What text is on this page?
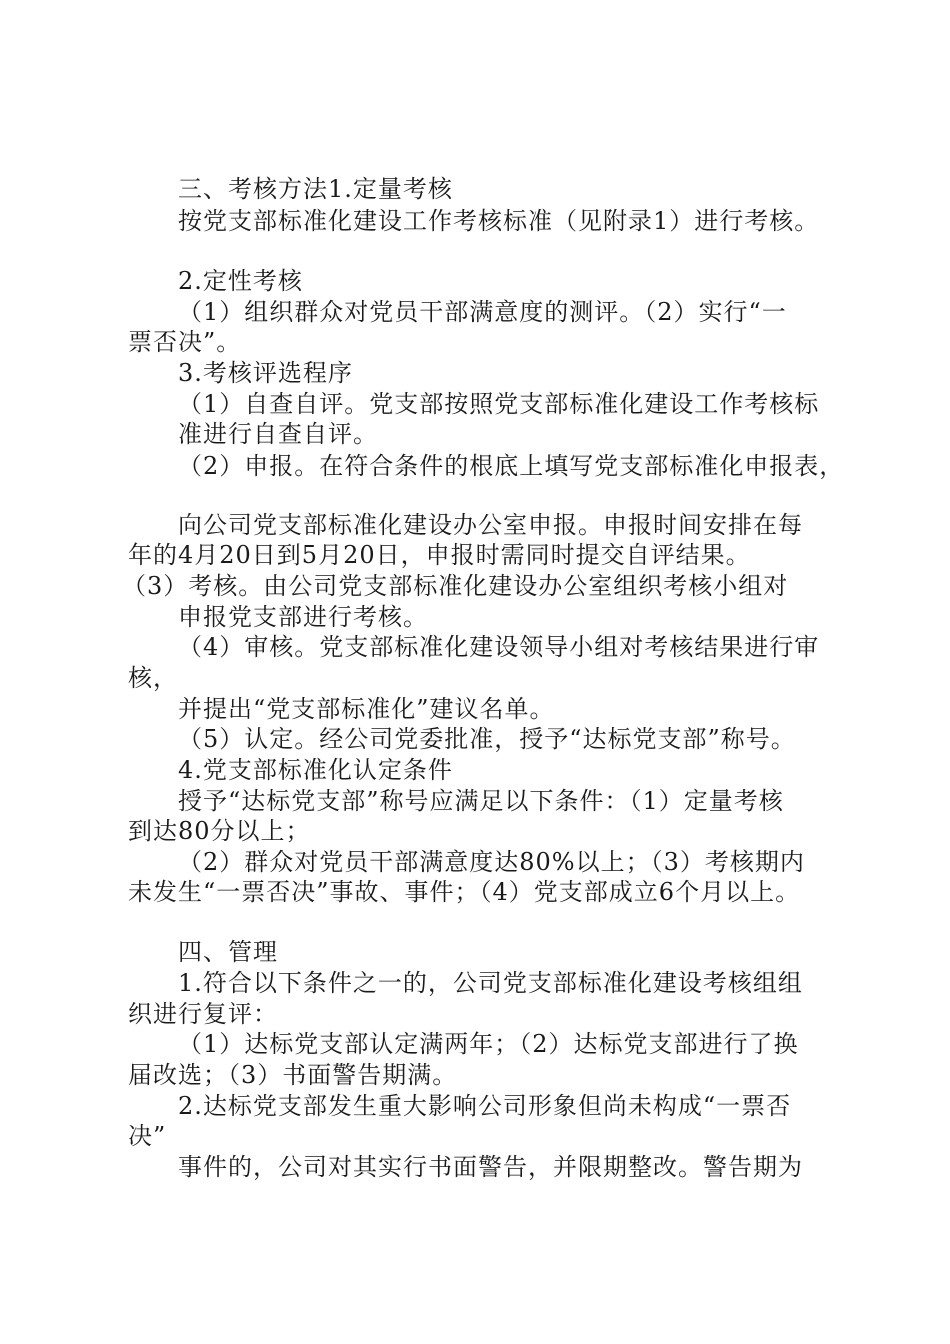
三、考核方法1.定量考核
按党支部标准化建设工作考核标准（见附录1）进行考核。
2.定性考核
（1）组织群众对党员干部满意度的测评。（2）实行“一
票否决”。
3.考核评选程序
（1）自查自评。党支部按照党支部标准化建设工作考核标
准进行自查自评。
（2）申报。在符合条件的根底上填写党支部标准化申报表，
向公司党支部标准化建设办公室申报。申报时间安排在每
年的4月20日到5月20日，申报时需同时提交自评结果。
（3）考核。由公司党支部标准化建设办公室组织考核小组对
申报党支部进行考核。
（4）审核。党支部标准化建设领导小组对考核结果进行审
核，
并提出“党支部标准化”建议名单。
（5）认定。经公司党委批准，授予“达标党支部”称号。
4.党支部标准化认定条件
授予“达标党支部”称号应满足以下条件：（1）定量考核
到达80分以上；
（2）群众对党员干部满意度达80%以上；（3）考核期内
未发生“一票否决”事故、事件；（4）党支部成立6个月以上。
四、管理
1.符合以下条件之一的，公司党支部标准化建设考核组组
织进行复评：
（1）达标党支部认定满两年；（2）达标党支部进行了换
届改选；（3）书面警告期满。
2.达标党支部发生重大影响公司形象但尚未构成“一票否
决”
事件的，公司对其实行书面警告，并限期整改。警告期为
